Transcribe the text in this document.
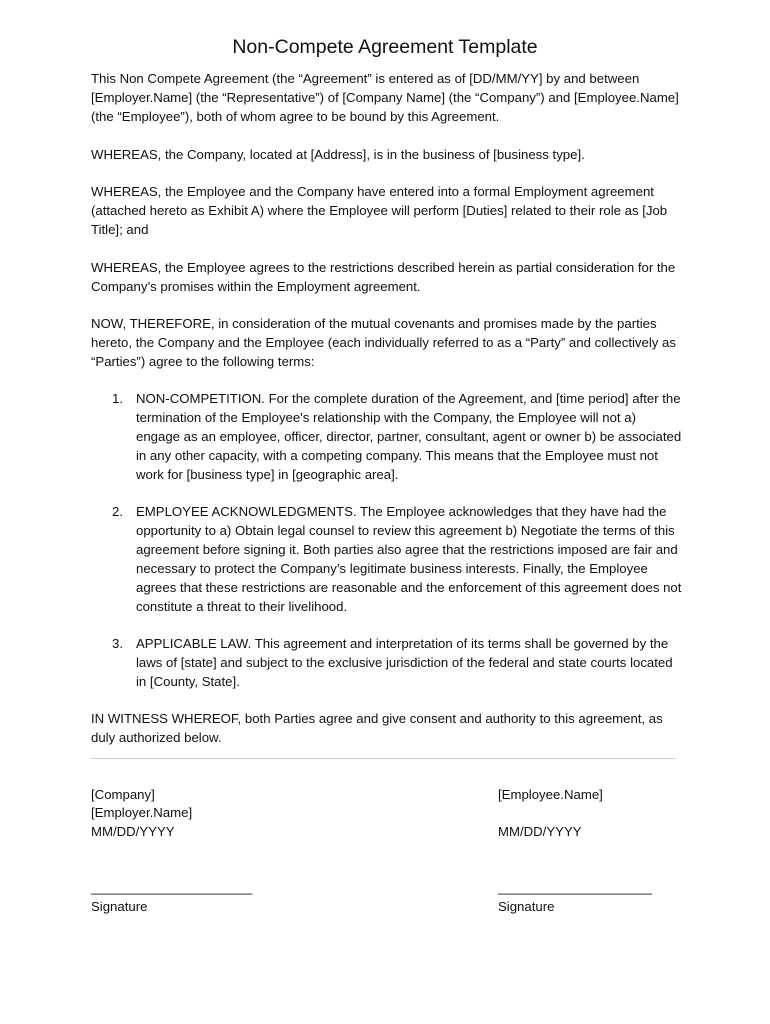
Non-Compete Agreement Template

This Non Compete Agreement (the “Agreement” is entered as of [DD/MM/YY] by and between [Employer.Name] (the “Representative”) of [Company Name] (the “Company”) and [Employee.Name] (the “Employee”), both of whom agree to be bound by this Agreement.

WHEREAS, the Company, located at [Address], is in the business of [business type].

WHEREAS, the Employee and the Company have entered into a formal Employment agreement (attached hereto as Exhibit A) where the Employee will perform [Duties] related to their role as [Job Title]; and

WHEREAS, the Employee agrees to the restrictions described herein as partial consideration for the Company’s promises within the Employment agreement.

NOW, THEREFORE, in consideration of the mutual covenants and promises made by the parties hereto, the Company and the Employee (each individually referred to as a “Party” and collectively as “Parties”) agree to the following terms:

1. NON-COMPETITION. For the complete duration of the Agreement, and [time period] after the termination of the Employee's relationship with the Company, the Employee will not a) engage as an employee, officer, director, partner, consultant, agent or owner b) be associated in any other capacity, with a competing company. This means that the Employee must not work for [business type] in [geographic area].
2. EMPLOYEE ACKNOWLEDGMENTS. The Employee acknowledges that they have had the opportunity to a) Obtain legal counsel to review this agreement b) Negotiate the terms of this agreement before signing it. Both parties also agree that the restrictions imposed are fair and necessary to protect the Company’s legitimate business interests. Finally, the Employee agrees that these restrictions are reasonable and the enforcement of this agreement does not constitute a threat to their livelihood.
3. APPLICABLE LAW. This agreement and interpretation of its terms shall be governed by the laws of [state] and subject to the exclusive jurisdiction of the federal and state courts located in [County, State].

IN WITNESS WHEREOF, both Parties agree and give consent and authority to this agreement, as duly authorized below.

[Company]
[Employer.Name]
MM/DD/YYYY
______________________
Signature
[Employee.Name]
MM/DD/YYYY
_____________________
Signature
